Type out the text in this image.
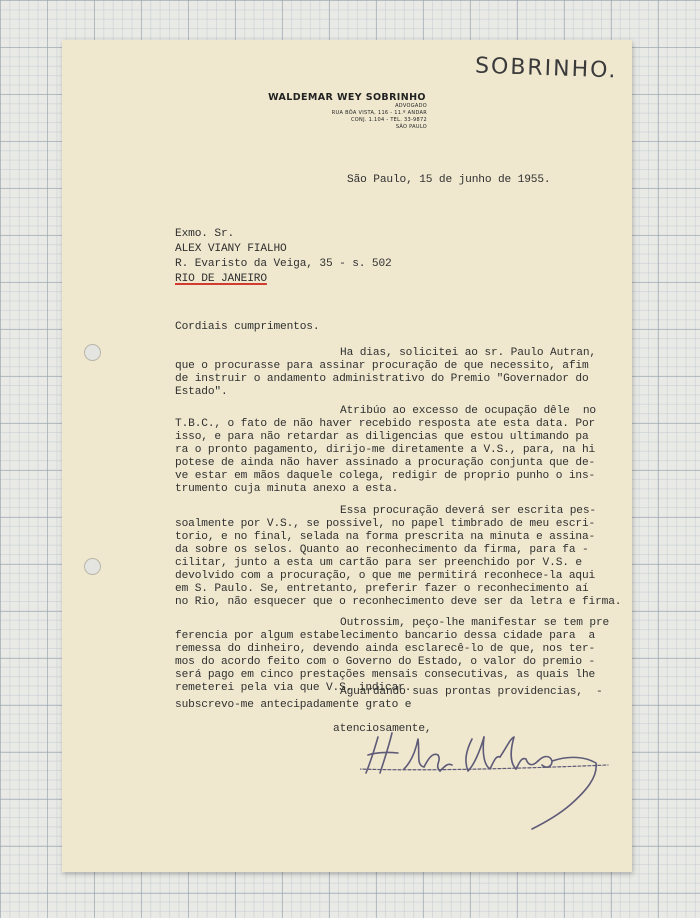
SOBRINHO.
WALDEMAR WEY SOBRINHO
ADVOGADO
RUA BÔA VISTA, 116 - 11.º ANDAR
CONJ. 1.104 - TEL. 33-9872
SÃO PAULO
São Paulo, 15 de junho de 1955.
Exmo. Sr.
ALEX VIANY FIALHO
R. Evaristo da Veiga, 35 - s. 502
RIO DE JANEIRO
Cordiais cumprimentos.
Ha dias, solicitei ao sr. Paulo Autran,
que o procurasse para assinar procuração de que necessito, afim
de instruir o andamento administrativo do Premio "Governador do
Estado".
Atribúo ao excesso de ocupação dêle  no
T.B.C., o fato de não haver recebido resposta ate esta data. Por
isso, e para não retardar as diligencias que estou ultimando pa
ra o pronto pagamento, dirijo-me diretamente a V.S., para, na hi
potese de ainda não haver assinado a procuração conjunta que de-
ve estar em mãos daquele colega, redigir de proprio punho o ins-
trumento cuja minuta anexo a esta.
Essa procuração deverá ser escrita pes-
soalmente por V.S., se possivel, no papel timbrado de meu escri-
torio, e no final, selada na forma prescrita na minuta e assina-
da sobre os selos. Quanto ao reconhecimento da firma, para fa -
cilitar, junto a esta um cartão para ser preenchido por V.S. e
devolvido com a procuração, o que me permitirá reconhece-la aqui
em S. Paulo. Se, entretanto, preferir fazer o reconhecimento aí
no Rio, não esquecer que o reconhecimento deve ser da letra e firma.
Outrossim, peço-lhe manifestar se tem pre
ferencia por algum estabelecimento bancario dessa cidade para  a
remessa do dinheiro, devendo ainda esclarecê-lo de que, nos ter-
mos do acordo feito com o Governo do Estado, o valor do premio -
será pago em cinco prestações mensais consecutivas, as quais lhe
remeterei pela via que V.S. indicar.
Aguardando suas prontas providencias,  -
subscrevo-me antecipadamente grato e
atenciosamente,
